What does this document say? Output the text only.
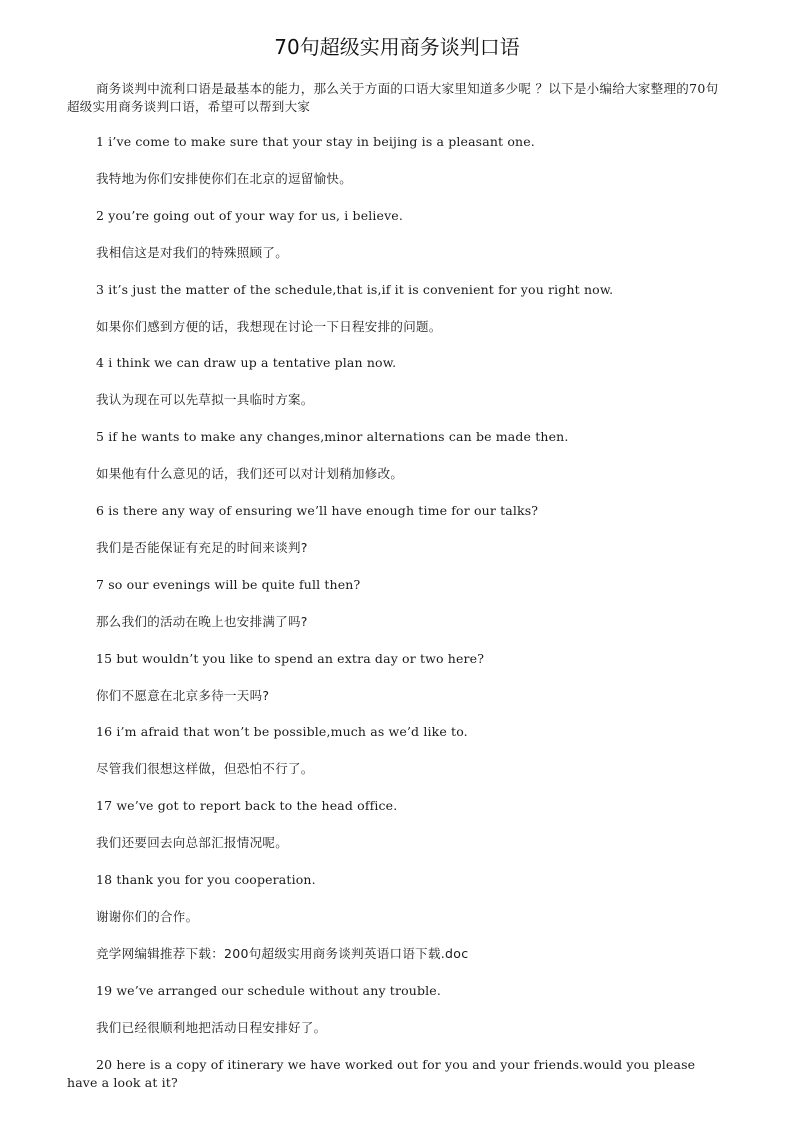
70句超级实用商务谈判口语

商务谈判中流利口语是最基本的能力，那么关于方面的口语大家里知道多少呢 ？以下是小编给大家整理的70句超级实用商务谈判口语，希望可以帮到大家

1 i’ve come to make sure that your stay in beijing is a pleasant one.

我特地为你们安排使你们在北京的逗留愉快。

2 you’re going out of your way for us, i believe.

我相信这是对我们的特殊照顾了。

3 it’s just the matter of the schedule,that is,if it is convenient for you right now.

如果你们感到方便的话，我想现在讨论一下日程安排的问题。

4 i think we can draw up a tentative plan now.

我认为现在可以先草拟一具临时方案。

5 if he wants to make any changes,minor alternations can be made then.

如果他有什么意见的话，我们还可以对计划稍加修改。

6 is there any way of ensuring we’ll have enough time for our talks?

我们是否能保证有充足的时间来谈判?

7 so our evenings will be quite full then?

那么我们的活动在晚上也安排满了吗?

15 but wouldn’t you like to spend an extra day or two here?

你们不愿意在北京多待一天吗?

16 i’m afraid that won’t be possible,much as we’d like to.

尽管我们很想这样做，但恐怕不行了。

17 we’ve got to report back to the head office.

我们还要回去向总部汇报情况呢。

18 thank you for you cooperation.

谢谢你们的合作。

竞学网编辑推荐下载：200句超级实用商务谈判英语口语下载.doc

19 we’ve arranged our schedule without any trouble.

我们已经很顺利地把活动日程安排好了。

20 here is a copy of itinerary we have worked out for you and your friends.would you please have a look at it?
